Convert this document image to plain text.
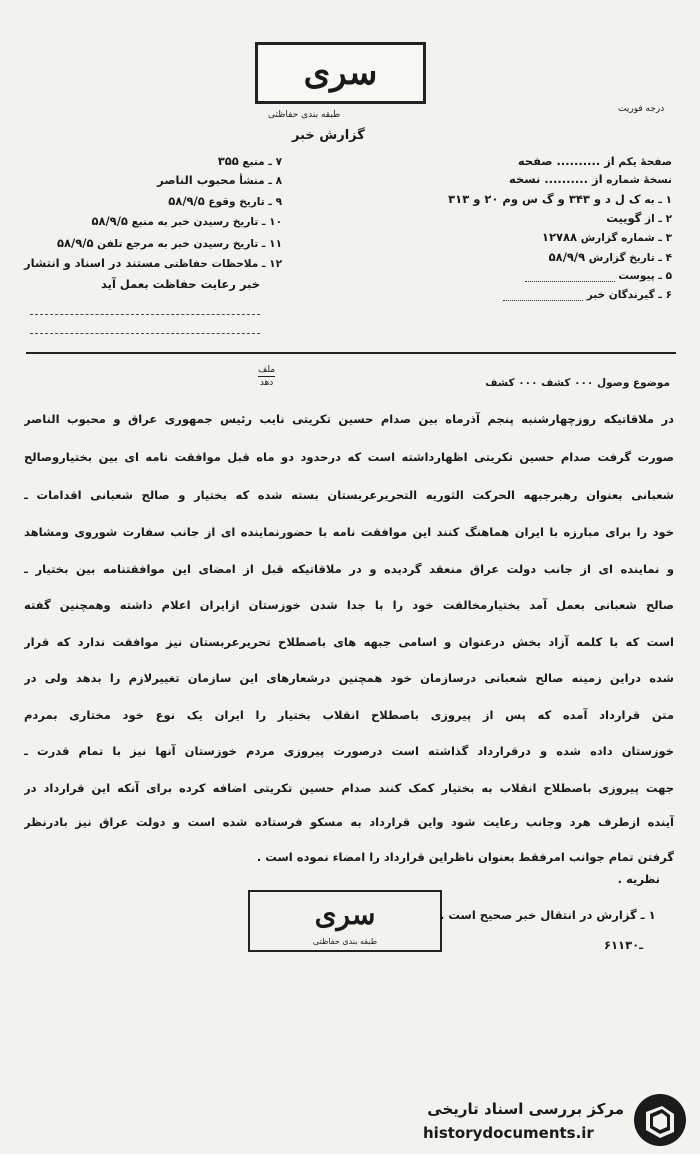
سری
طبقه بندی حفاظتی
گزارش خبر
درجه فوریت
صفحهٔ یکم از .......... صفحه
نسخهٔ شماره از .......... نسخه
۱ ـ به ک ل د و ۳۴۳ و گ س وم ۲۰ و ۳۱۳
۲ ـ از گوییت
۳ ـ شماره گزارش ۱۲۷۸۸
۴ ـ تاریخ گزارش ۵۸/۹/۹
۵ ـ پیوست
۶ ـ گیرندگان خبر
۷ ـ منبع ۳۵۵
۸ ـ منشأ محبوب الناصر
۹ ـ تاریخ وقوع ۵۸/۹/۵
۱۰ ـ تاریخ رسیدن خبر به منبع ۵۸/۹/۵
۱۱ ـ تاریخ رسیدن خبر به مرجع تلفن ۵۸/۹/۵
۱۲ ـ ملاحظات حفاظتی مستند در اسناد و انتشار
خبر رعایت حفاظت بعمل آید
موضوع وصول ۰۰۰ کشف ۰۰۰ کشف
ملف
دهد
در ملاقاتیکه روزچهارشنبه پنجم آذرماه بین صدام حسین تکریتی نایب رئیس جمهوری عراق و محبوب الناصر
صورت گرفت صدام حسین تکریتی اظهارداشته است که درحدود دو ماه قبل موافقت نامه ای بین بختیاروصالح
شعبانی بعنوان رهبرجبهه الحرکت الثوریه التحریرعربستان بسته شده که بختیار و صالح شعبانی اقدامات ـ
خود را برای مبارزه با ایران هماهنگ کنند این موافقت نامه با حضورنماینده ای از جانب سفارت شوروی ومشاهد
و نماینده ای از جانب دولت عراق منعقد گردیده و در ملاقاتیکه قبل از امضای این موافقتنامه بین بختیار ـ
صالح شعبانی بعمل آمد بختیارمخالفت خود را با جدا شدن خوزستان ازایران اعلام داشته وهمچنین گفته
است که با کلمه آزاد بخش درعنوان و اسامی جبهه های باصطلاح تحریرعربستان نیز موافقت ندارد که قرار
شده دراین زمینه صالح شعبانی درسازمان خود همچنین درشعارهای این سازمان تغییرلازم را بدهد ولی در
متن قرارداد آمده که پس از پیروزی باصطلاح انقلاب بختیار را ایران یک نوع خود مختاری بمردم
خوزستان داده شده و درقرارداد گذاشته است درصورت پیروزی مردم خوزستان آنها نیز با تمام قدرت ـ
جهت پیروزی باصطلاح انقلاب به بختیار کمک کنند صدام حسین تکریتی اضافه کرده برای آنکه این قرارداد در
آینده ازطرف هرد وجانب رعایت شود واین قرارداد به مسکو فرستاده شده است و دولت عراق نیز بادرنظر
گرفتن تمام جوانب امرفقط بعنوان ناظراین قرارداد را امضاء نموده است .
نظریه .
سری
طبقه بندی حفاظتی
۱ ـ گزارش در انتقال خبر صحیح است .
۶۱ـ۱۳۰
مرکز بررسی اسناد تاریخی
historydocuments.ir
